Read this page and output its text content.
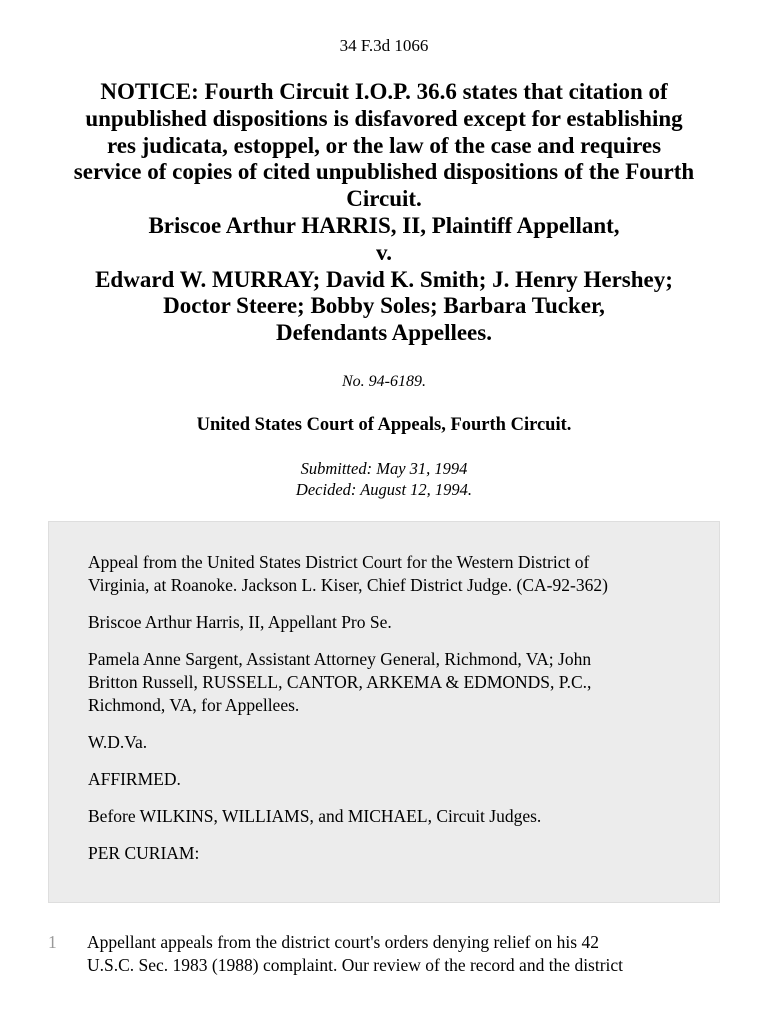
34 F.3d 1066
NOTICE: Fourth Circuit I.O.P. 36.6 states that citation of
unpublished dispositions is disfavored except for establishing
res judicata, estoppel, or the law of the case and requires
service of copies of cited unpublished dispositions of the Fourth
Circuit.
Briscoe Arthur HARRIS, II, Plaintiff Appellant,
v.
Edward W. MURRAY; David K. Smith; J. Henry Hershey;
Doctor Steere; Bobby Soles; Barbara Tucker,
Defendants Appellees.
No. 94-6189.
United States Court of Appeals, Fourth Circuit.
Submitted: May 31, 1994
Decided: August 12, 1994.

Appeal from the United States District Court for the Western District of
Virginia, at Roanoke. Jackson L. Kiser, Chief District Judge. (CA-92-362)

Briscoe Arthur Harris, II, Appellant Pro Se.

Pamela Anne Sargent, Assistant Attorney General, Richmond, VA; John
Britton Russell, RUSSELL, CANTOR, ARKEMA & EDMONDS, P.C.,
Richmond, VA, for Appellees.

W.D.Va.

AFFIRMED.

Before WILKINS, WILLIAMS, and MICHAEL, Circuit Judges.

PER CURIAM:

1 Appellant appeals from the district court's orders denying relief on his 42
U.S.C. Sec. 1983 (1988) complaint. Our review of the record and the district
